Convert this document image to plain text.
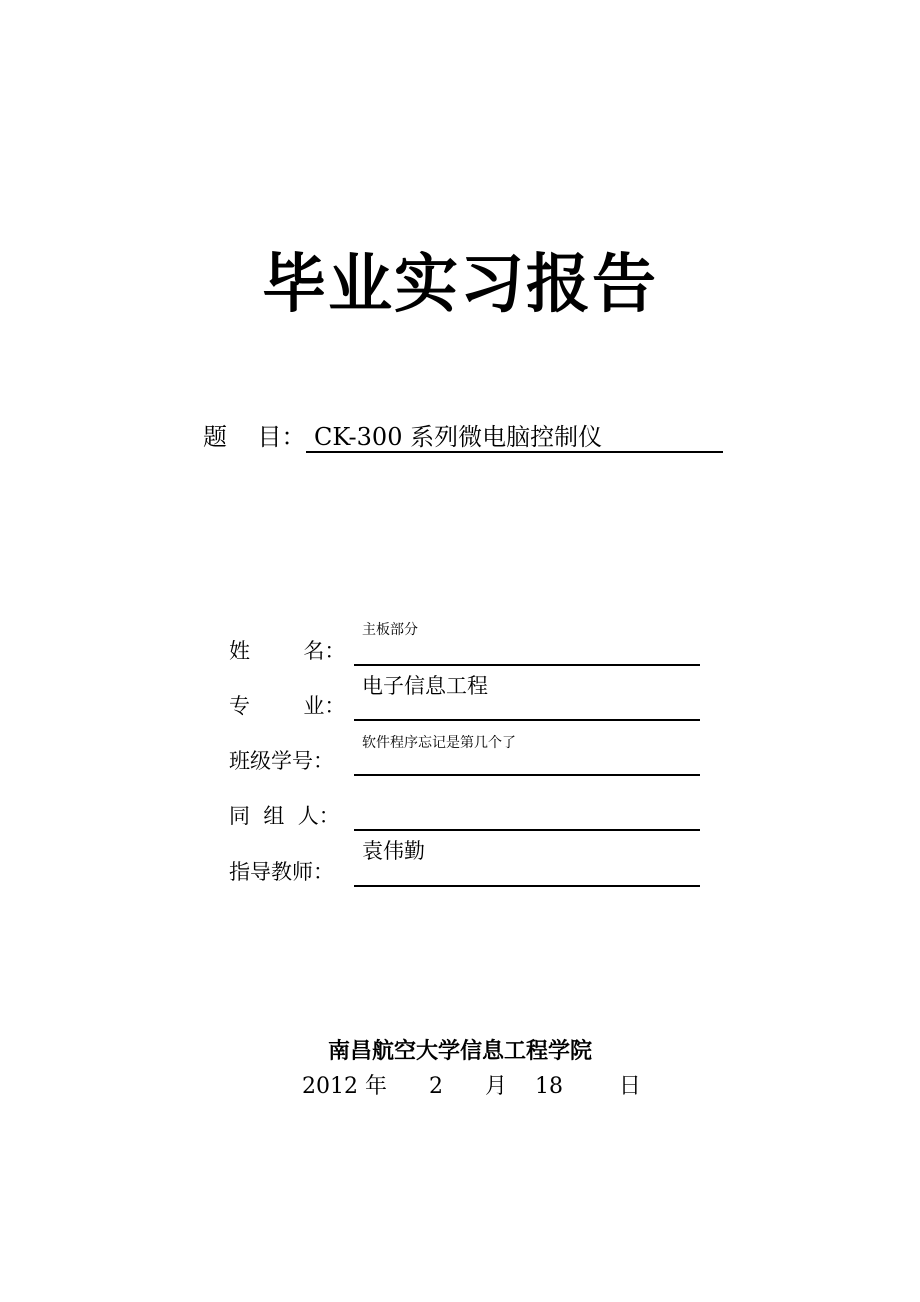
毕业实习报告
题    目： CK-300 系列微电脑控制仪
姓        名：
主板部分
专        业：
电子信息工程
班级学号：
软件程序忘记是第几个了
同  组  人：
指导教师：
袁伟勤
南昌航空大学信息工程学院
2012 年 2 月 18	日
